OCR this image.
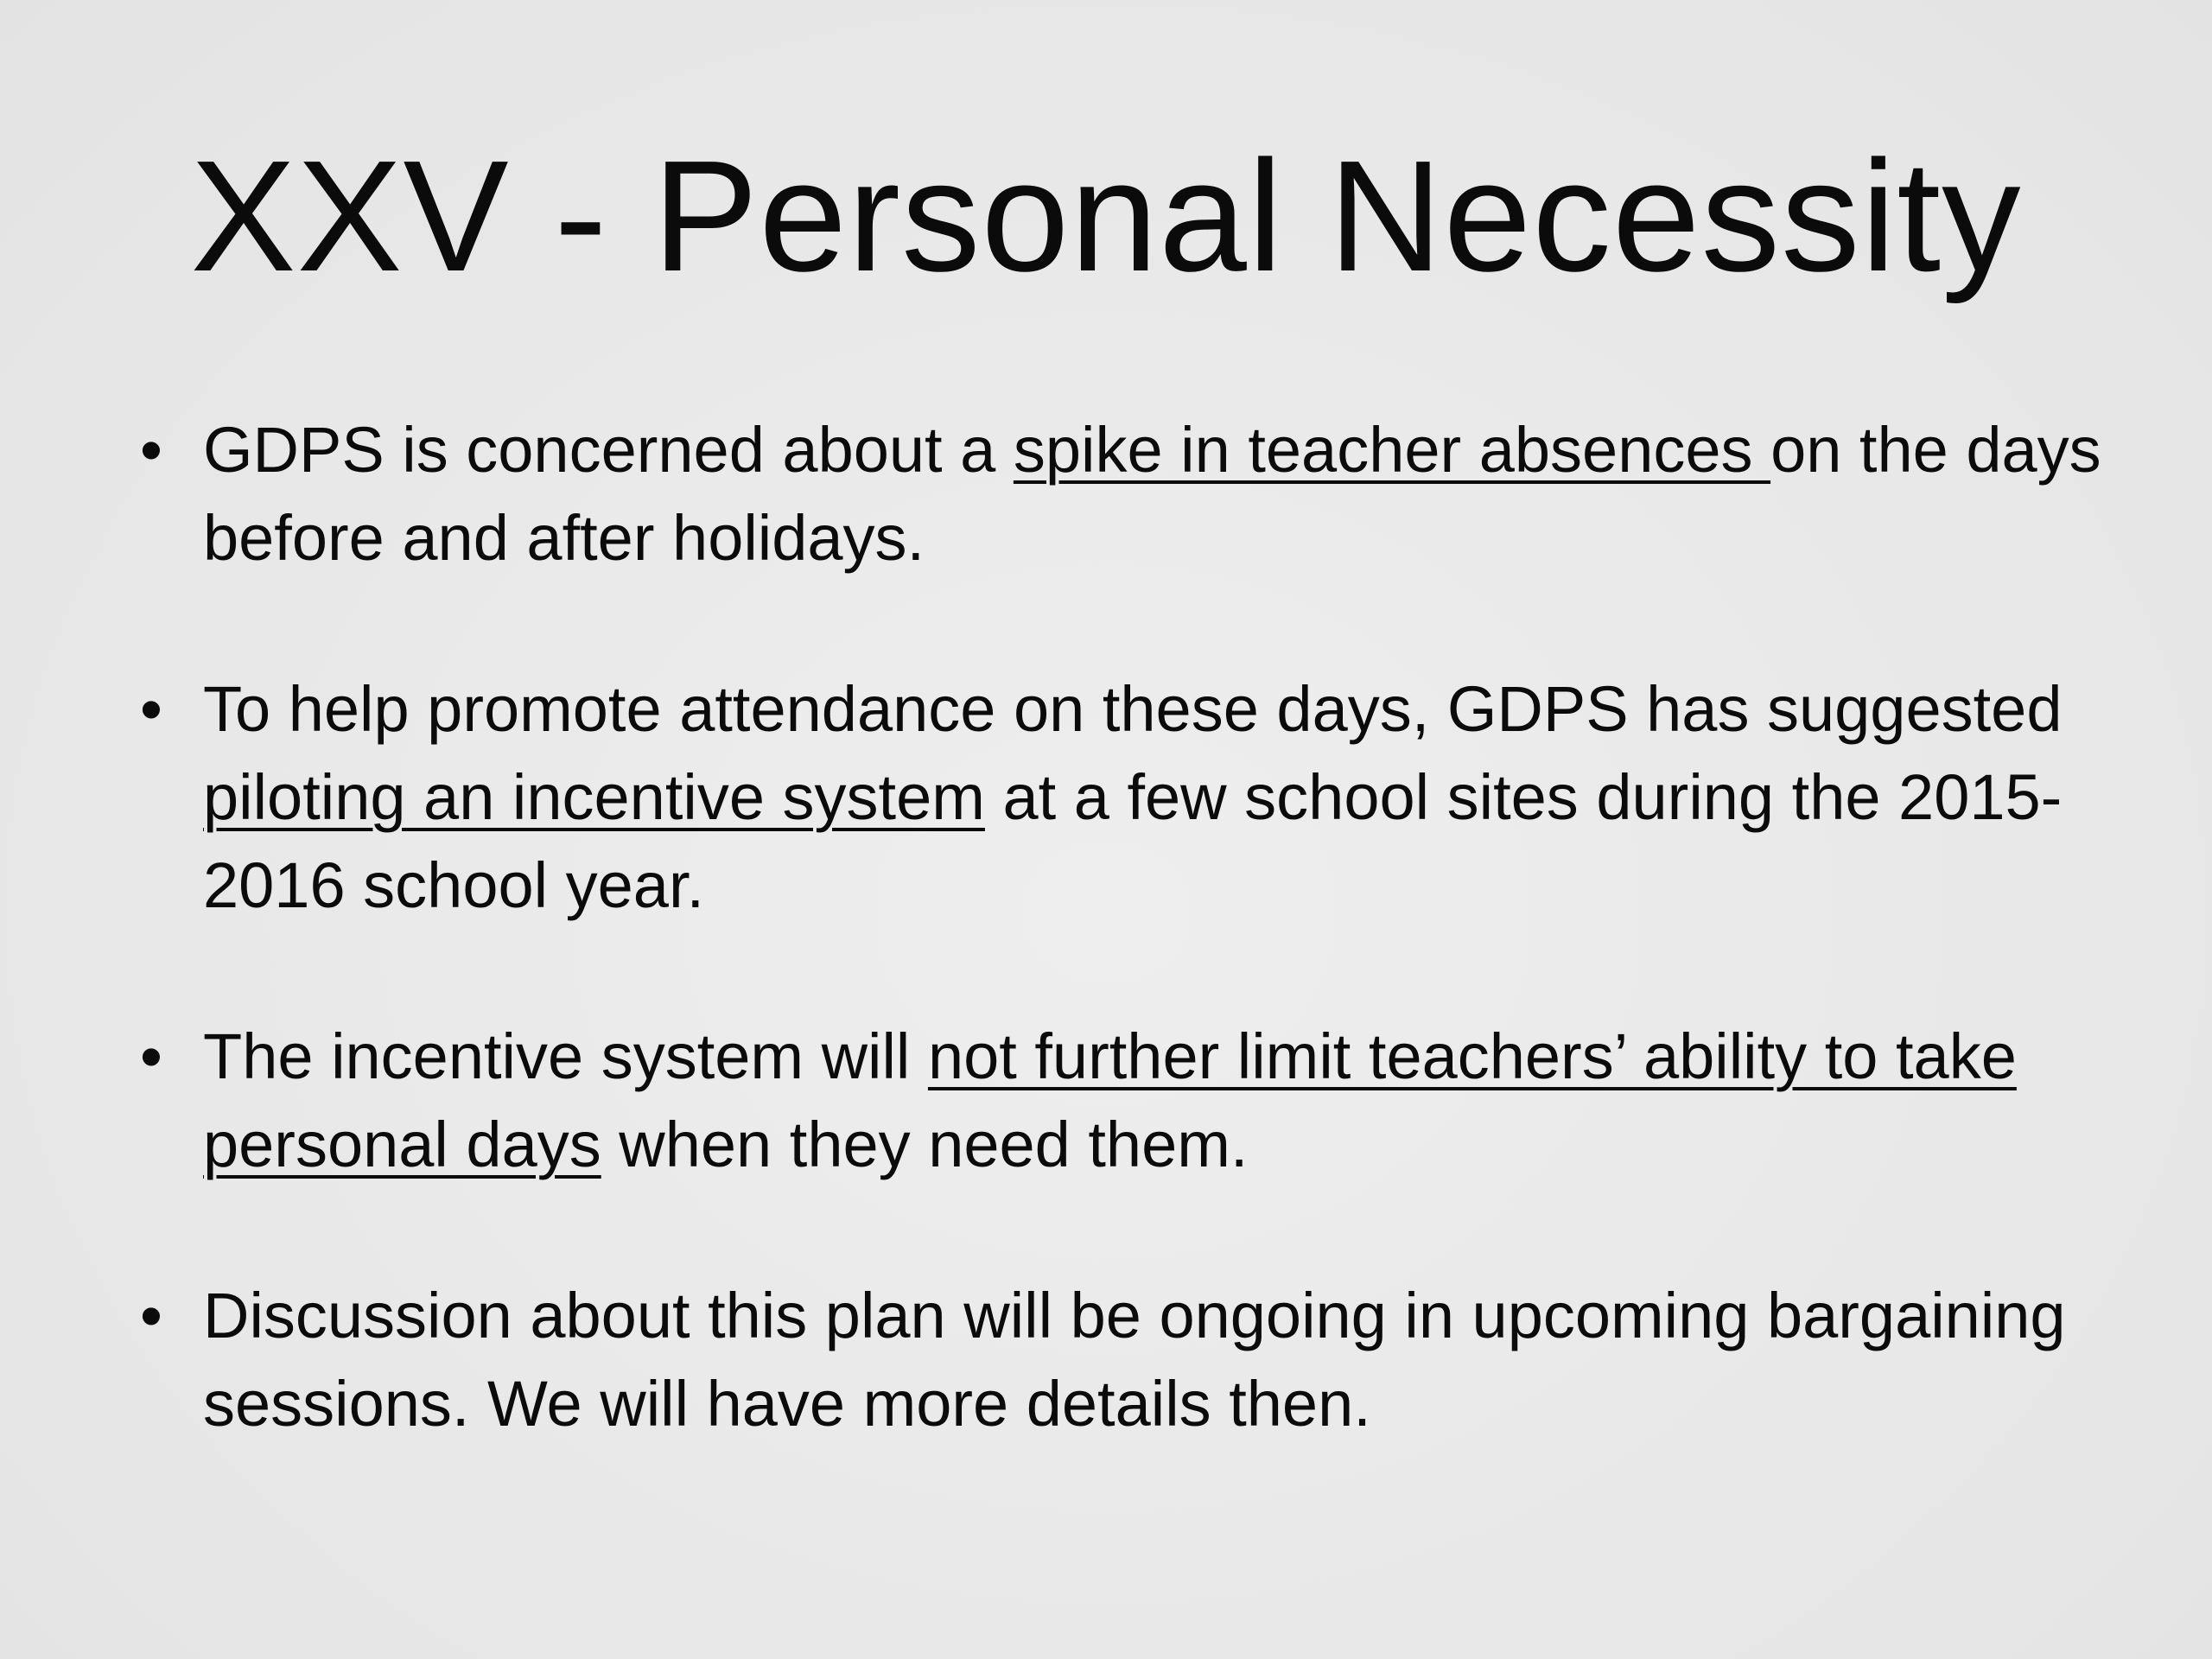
XXV - Personal Necessity
• GDPS is concerned about a spike in teacher absences on the days before and after holidays.
• To help promote attendance on these days, GDPS has suggested piloting an incentive system at a few school sites during the 2015-2016 school year.
• The incentive system will not further limit teachers’ ability to take personal days when they need them.
• Discussion about this plan will be ongoing in upcoming bargaining sessions. We will have more details then.
